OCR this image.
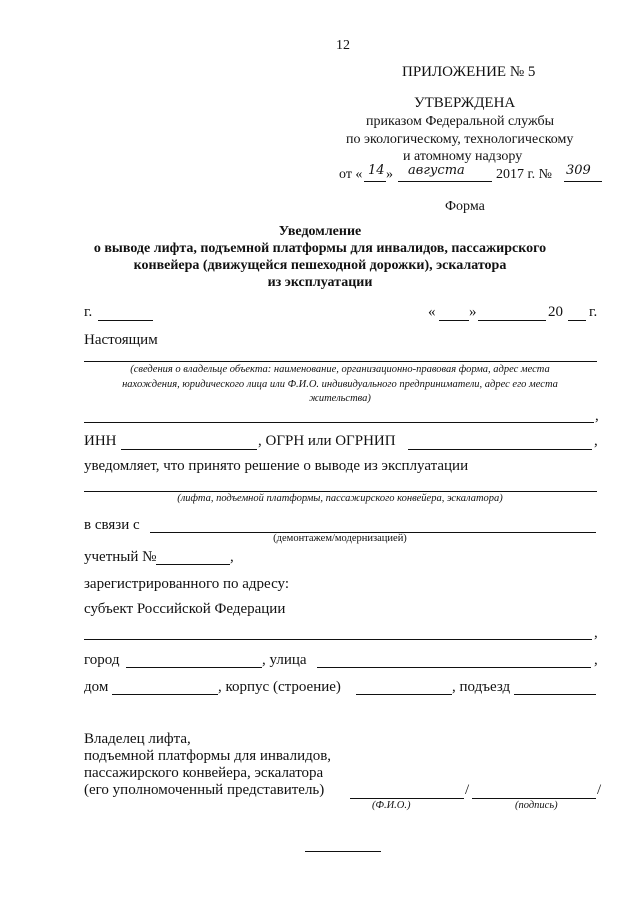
12
ПРИЛОЖЕНИЕ № 5
УТВЕРЖДЕНА
приказом Федеральной службы
по экологическому, технологическому
и атомному надзору
от « 14 » августа 2017 г. № 309
Форма
Уведомление
о выводе лифта, подъемной платформы для инвалидов, пассажирского
конвейера (движущейся пешеходной дорожки), эскалатора
из эксплуатации
г.	« »	20 г.
Настоящим
(сведения о владельце объекта: наименование, организационно-правовая форма, адрес места
нахождения, юридического лица или Ф.И.О. индивидуального предприниматели, адрес его места
жительства)
,
ИНН	, ОГРН или ОГРНИП	,
уведомляет, что принято решение о выводе из эксплуатации
(лифта, подъемной платформы, пассажирского конвейера, эскалатора)
в связи с
(демонтажем/модернизацией)
учетный №	,
зарегистрированного по адресу:
субъект Российской Федерации
,
город	, улица	,
дом	, корпус (строение)	, подъезд
Владелец лифта,
подъемной платформы для инвалидов,
пассажирского конвейера, эскалатора
(его уполномоченный представитель)	/	/
(Ф.И.О.)	(подпись)
